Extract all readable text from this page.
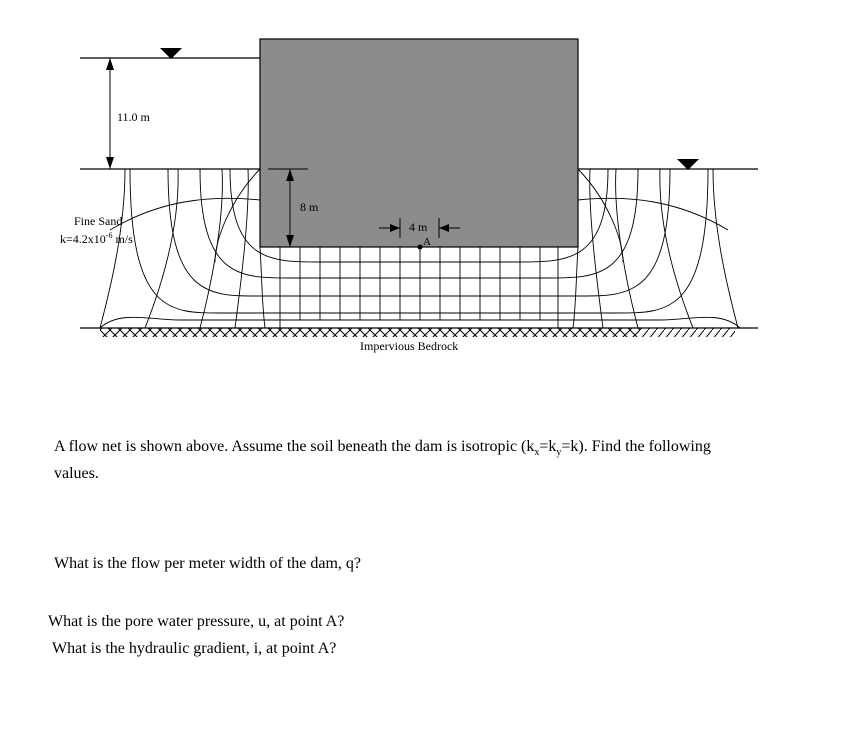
11.0 m
8 m
4 m
A
Fine Sand
$k=4.2x10^{-6}$ m/s
Impervious Bedrock
A flow net is shown above. Assume the soil beneath the dam is isotropic $(k_x=k_y=k)$. Find the following values.
What is the flow per meter width of the dam, q?
What is the pore water pressure, u, at point A?
What is the hydraulic gradient, i, at point A?
